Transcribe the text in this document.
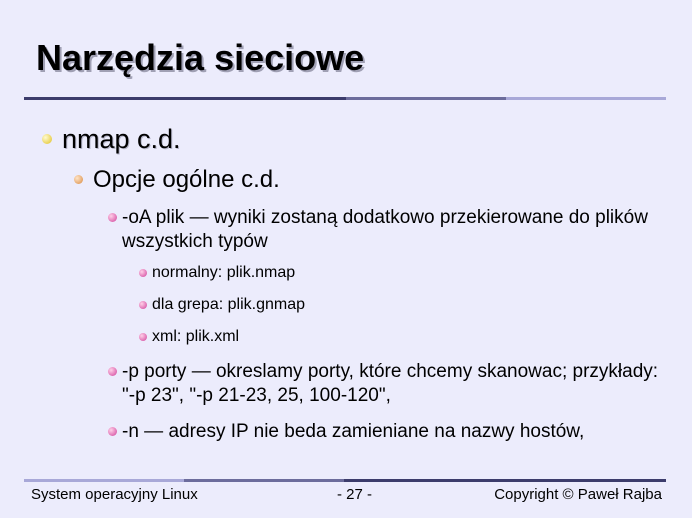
Narzędzia sieciowe
nmap c.d.
Opcje ogólne c.d.
-oA plik — wyniki zostaną dodatkowo przekierowane do plików wszystkich typów
normalny: plik.nmap
dla grepa: plik.gnmap
xml: plik.xml
-p porty — okreslamy porty, które chcemy skanowac; przykłady: "-p 23", "-p 21-23, 25, 100-120",
-n — adresy IP nie beda zamieniane na nazwy hostów,
System operacyjny Linux	- 27 -	Copyright © Paweł Rajba
